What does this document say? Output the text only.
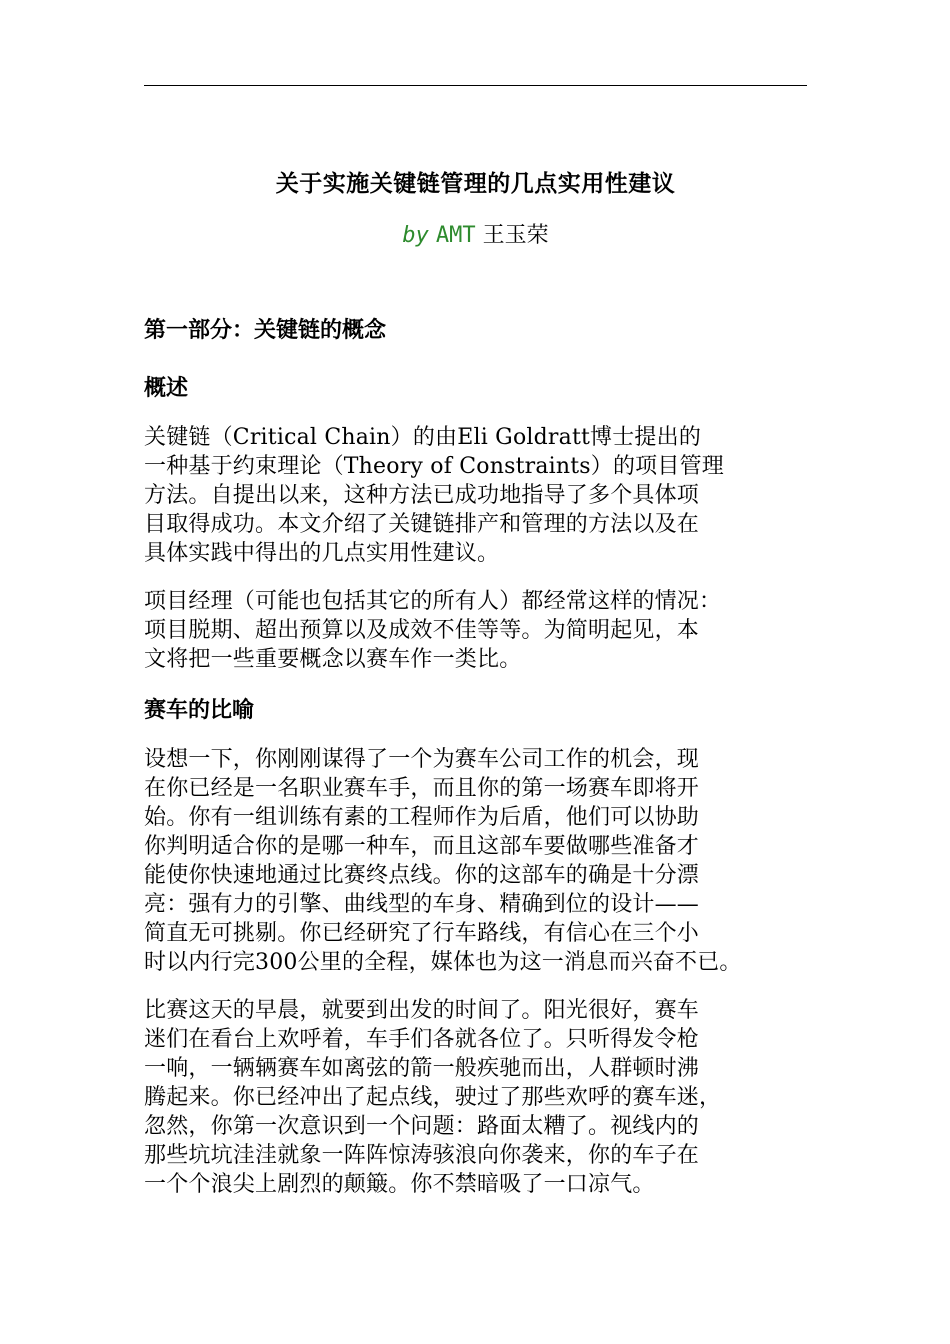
关于实施关键链管理的几点实用性建议

by AMT 王玉荣

第一部分：关键链的概念
概述

关键链（Critical Chain）的由Eli Goldratt博士提出的
一种基于约束理论（Theory of Constraints）的项目管理
方法。自提出以来，这种方法已成功地指导了多个具体项
目取得成功。本文介绍了关键链排产和管理的方法以及在
具体实践中得出的几点实用性建议。

项目经理（可能也包括其它的所有人）都经常这样的情况：
项目脱期、超出预算以及成效不佳等等。为简明起见，本
文将把一些重要概念以赛车作一类比。

赛车的比喻

设想一下，你刚刚谋得了一个为赛车公司工作的机会，现
在你已经是一名职业赛车手，而且你的第一场赛车即将开
始。你有一组训练有素的工程师作为后盾，他们可以协助
你判明适合你的是哪一种车，而且这部车要做哪些准备才
能使你快速地通过比赛终点线。你的这部车的确是十分漂
亮：强有力的引擎、曲线型的车身、精确到位的设计——
简直无可挑剔。你已经研究了行车路线，有信心在三个小
时以内行完300公里的全程，媒体也为这一消息而兴奋不已。

比赛这天的早晨，就要到出发的时间了。阳光很好，赛车
迷们在看台上欢呼着，车手们各就各位了。只听得发令枪
一响，一辆辆赛车如离弦的箭一般疾驰而出，人群顿时沸
腾起来。你已经冲出了起点线，驶过了那些欢呼的赛车迷，
忽然，你第一次意识到一个问题：路面太糟了。视线内的
那些坑坑洼洼就象一阵阵惊涛骇浪向你袭来，你的车子在
一个个浪尖上剧烈的颠簸。你不禁暗吸了一口凉气。
